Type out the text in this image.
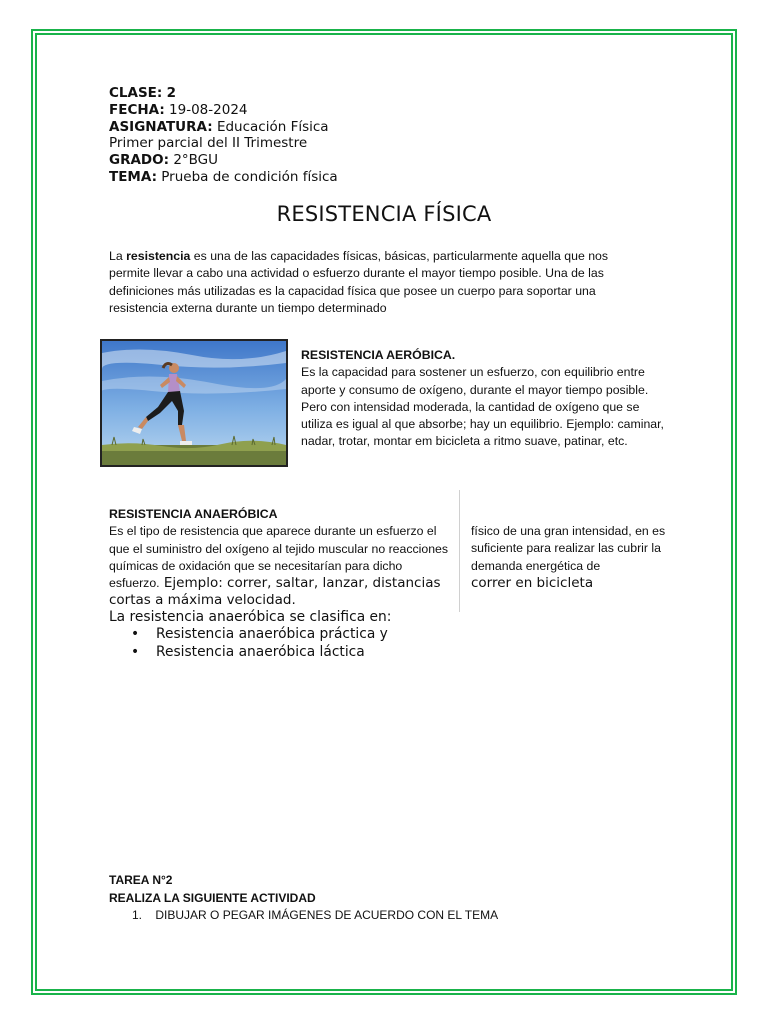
CLASE: 2
FECHA: 19-08-2024
ASIGNATURA: Educación Física
Primer parcial del II Trimestre
GRADO: 2°BGU
TEMA: Prueba de condición física
RESISTENCIA FÍSICA
La resistencia es una de las capacidades físicas, básicas, particularmente aquella que nos permite llevar a cabo una actividad o esfuerzo durante el mayor tiempo posible. Una de las definiciones más utilizadas es la capacidad física que posee un cuerpo para soportar una resistencia externa durante un tiempo determinado
RESISTENCIA AERÓBICA.
Es la capacidad para sostener un esfuerzo, con equilibrio entre aporte y consumo de oxígeno, durante el mayor tiempo posible. Pero con intensidad moderada, la cantidad de oxígeno que se utiliza es igual al que absorbe; hay un equilibrio. Ejemplo: caminar, nadar, trotar, montar em bicicleta a ritmo suave, patinar, etc.
RESISTENCIA ANAERÓBICA
Es el tipo de resistencia que aparece durante un esfuerzo el que el suministro del oxígeno al tejido muscular no reacciones químicas de oxidación que se necesitarían para dicho esfuerzo. Ejemplo: correr, saltar, lanzar, distancias cortas a máxima velocidad.
físico de una gran intensidad, en es suficiente para realizar las cubrir la demanda energética de
correr en bicicleta
La resistencia anaeróbica se clasifica en:
• Resistencia anaeróbica práctica y
• Resistencia anaeróbica láctica
TAREA N°2
REALIZA LA SIGUIENTE ACTIVIDAD
1. DIBUJAR O PEGAR IMÁGENES DE ACUERDO CON EL TEMA
